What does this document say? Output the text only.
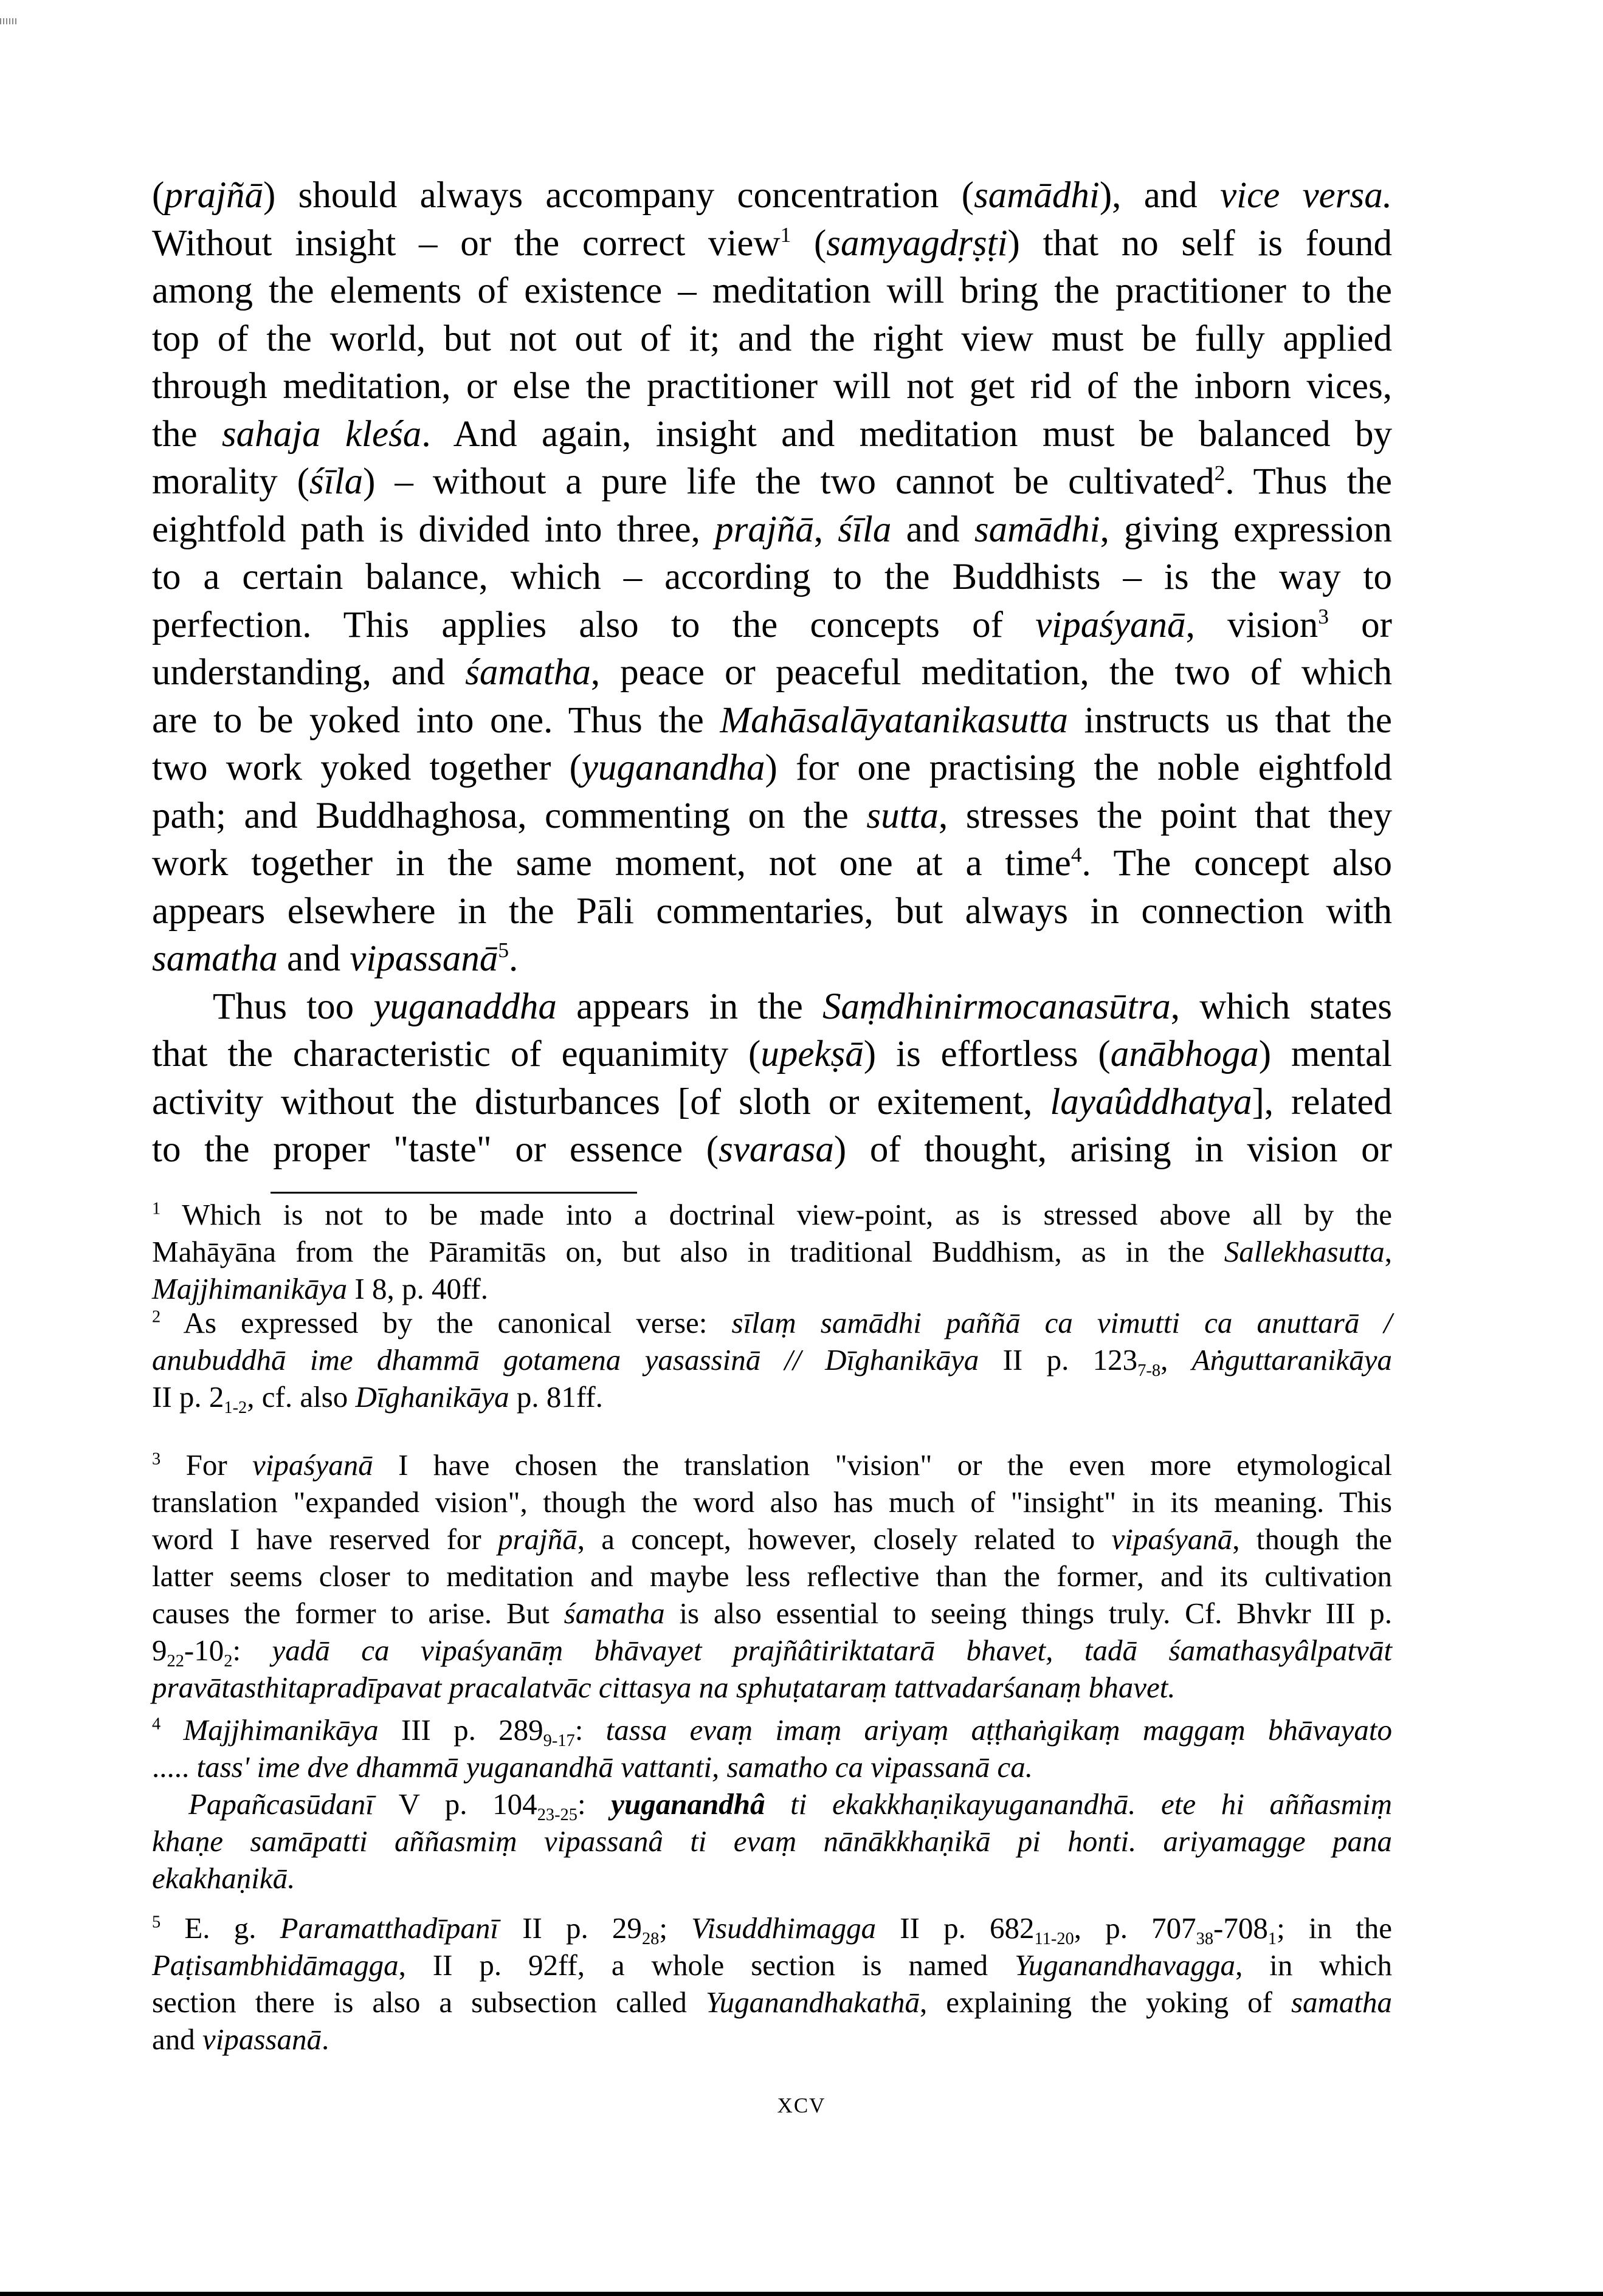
(prajñā) should always accompany concentration (samādhi), and vice versa.
Without insight – or the correct view$^1$ (samyagdṛṣṭi) that no self is found
among the elements of existence – meditation will bring the practitioner to the
top of the world, but not out of it; and the right view must be fully applied
through meditation, or else the practitioner will not get rid of the inborn vices,
the sahaja kleśa. And again, insight and meditation must be balanced by
morality (śīla) – without a pure life the two cannot be cultivated$^2$. Thus the
eightfold path is divided into three, prajñā, śīla and samādhi, giving expression
to a certain balance, which – according to the Buddhists – is the way to
perfection. This applies also to the concepts of vipaśyanā, vision$^3$ or
understanding, and śamatha, peace or peaceful meditation, the two of which
are to be yoked into one. Thus the Mahāsalāyatanikasutta instructs us that the
two work yoked together (yuganandha) for one practising the noble eightfold
path; and Buddhaghosa, commenting on the sutta, stresses the point that they
work together in the same moment, not one at a time$^4$. The concept also
appears elsewhere in the Pāli commentaries, but always in connection with
samatha and vipassanā$^5$.
Thus too yuganaddha appears in the Saṃdhinirmocanasūtra, which states
that the characteristic of equanimity (upekṣā) is effortless (anābhoga) mental
activity without the disturbances [of sloth or exitement, layaûddhatya], related
to the proper "taste" or essence (svarasa) of thought, arising in vision or
$^1$ Which is not to be made into a doctrinal view-point, as is stressed above all by the
Mahāyāna from the Pāramitās on, but also in traditional Buddhism, as in the Sallekhasutta,
Majjhimanikāya I 8, p. 40ff.
$^2$ As expressed by the canonical verse: sīlaṃ samādhi paññā ca vimutti ca anuttarā /
anubuddhā ime dhammā gotamena yasassinā // Dīghanikāya II p. $123_{7-8}$, Aṅguttaranikāya
II p. $2_{1-2}$, cf. also Dīghanikāya p. 81ff.
$^3$ For vipaśyanā I have chosen the translation "vision" or the even more etymological
translation "expanded vision", though the word also has much of "insight" in its meaning. This
word I have reserved for prajñā, a concept, however, closely related to vipaśyanā, though the
latter seems closer to meditation and maybe less reflective than the former, and its cultivation
causes the former to arise. But śamatha is also essential to seeing things truly. Cf. Bhvkr III p.
$9_{22}-10_2$: yadā ca vipaśyanāṃ bhāvayet prajñâtiriktatarā bhavet, tadā śamathasyâlpatvāt
pravātasthitapradīpavat pracalatvāc cittasya na sphuṭataraṃ tattvadarśanaṃ bhavet.
$^4$ Majjhimanikāya III p. $289_{9-17}$: tassa evaṃ imaṃ ariyaṃ aṭṭhaṅgikaṃ maggaṃ bhāvayato
..... tass' ime dve dhammā yuganandhā vattanti, samatho ca vipassanā ca.
Papañcasūdanī V p. $104_{23-25}$: yuganandhâ ti ekakkhaṇikayuganandhā. ete hi aññasmiṃ
khaṇe samāpatti aññasmiṃ vipassanâ ti evaṃ nānākkhaṇikā pi honti. ariyamagge pana
ekakhaṇikā.
$^5$ E. g. Paramatthadīpanī II p. $29_{28}$; Visuddhimagga II p. $682_{11-20}$, p. $707_{38}-708_1$; in the
Paṭisambhidāmagga, II p. 92ff, a whole section is named Yuganandhavagga, in which
section there is also a subsection called Yuganandhakathā, explaining the yoking of samatha
and vipassanā.
xcv
